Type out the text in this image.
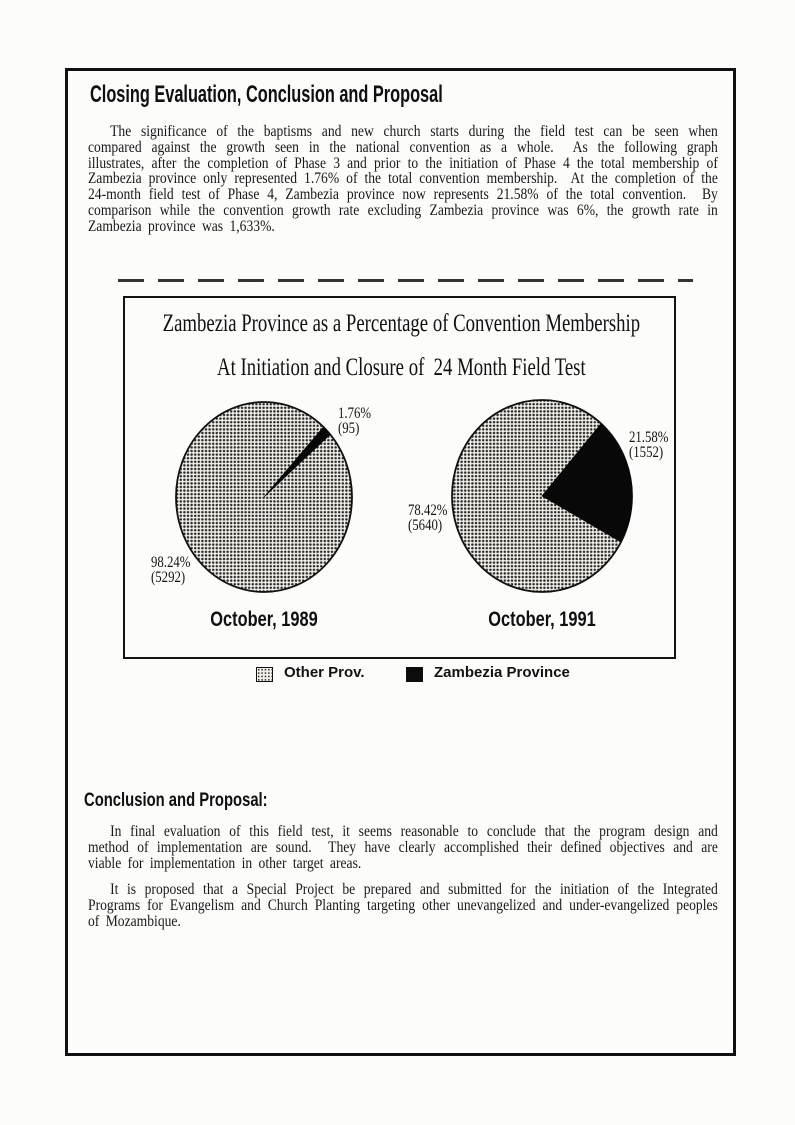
Closing Evaluation, Conclusion and Proposal
The significance of the baptisms and new church starts during the field test can be seen when compared against the growth seen in the national convention as a whole.  As the following graph illustrates, after the completion of Phase 3 and prior to the initiation of Phase 4 the total membership of Zambezia province only represented 1.76% of the total convention membership.  At the completion of the 24-month field test of Phase 4, Zambezia province now represents 21.58% of the total convention.  By comparison while the convention growth rate excluding Zambezia province was 6%, the growth rate in Zambezia province was 1,633%.
Zambezia Province as a Percentage of Convention Membership
At Initiation and Closure of  24 Month Field Test
1.76%
(95)
98.24%
(5292)
21.58%
(1552)
78.42%
(5640)
October, 1989	October, 1991
Other Prov.	Zambezia Province
Conclusion and Proposal:
In final evaluation of this field test, it seems reasonable to conclude that the program design and method of implementation are sound.  They have clearly accomplished their defined objectives and are viable for implementation in other target areas.
It is proposed that a Special Project be prepared and submitted for the initiation of the Integrated Programs for Evangelism and Church Planting targeting other unevangelized and under-evangelized peoples of Mozambique.
